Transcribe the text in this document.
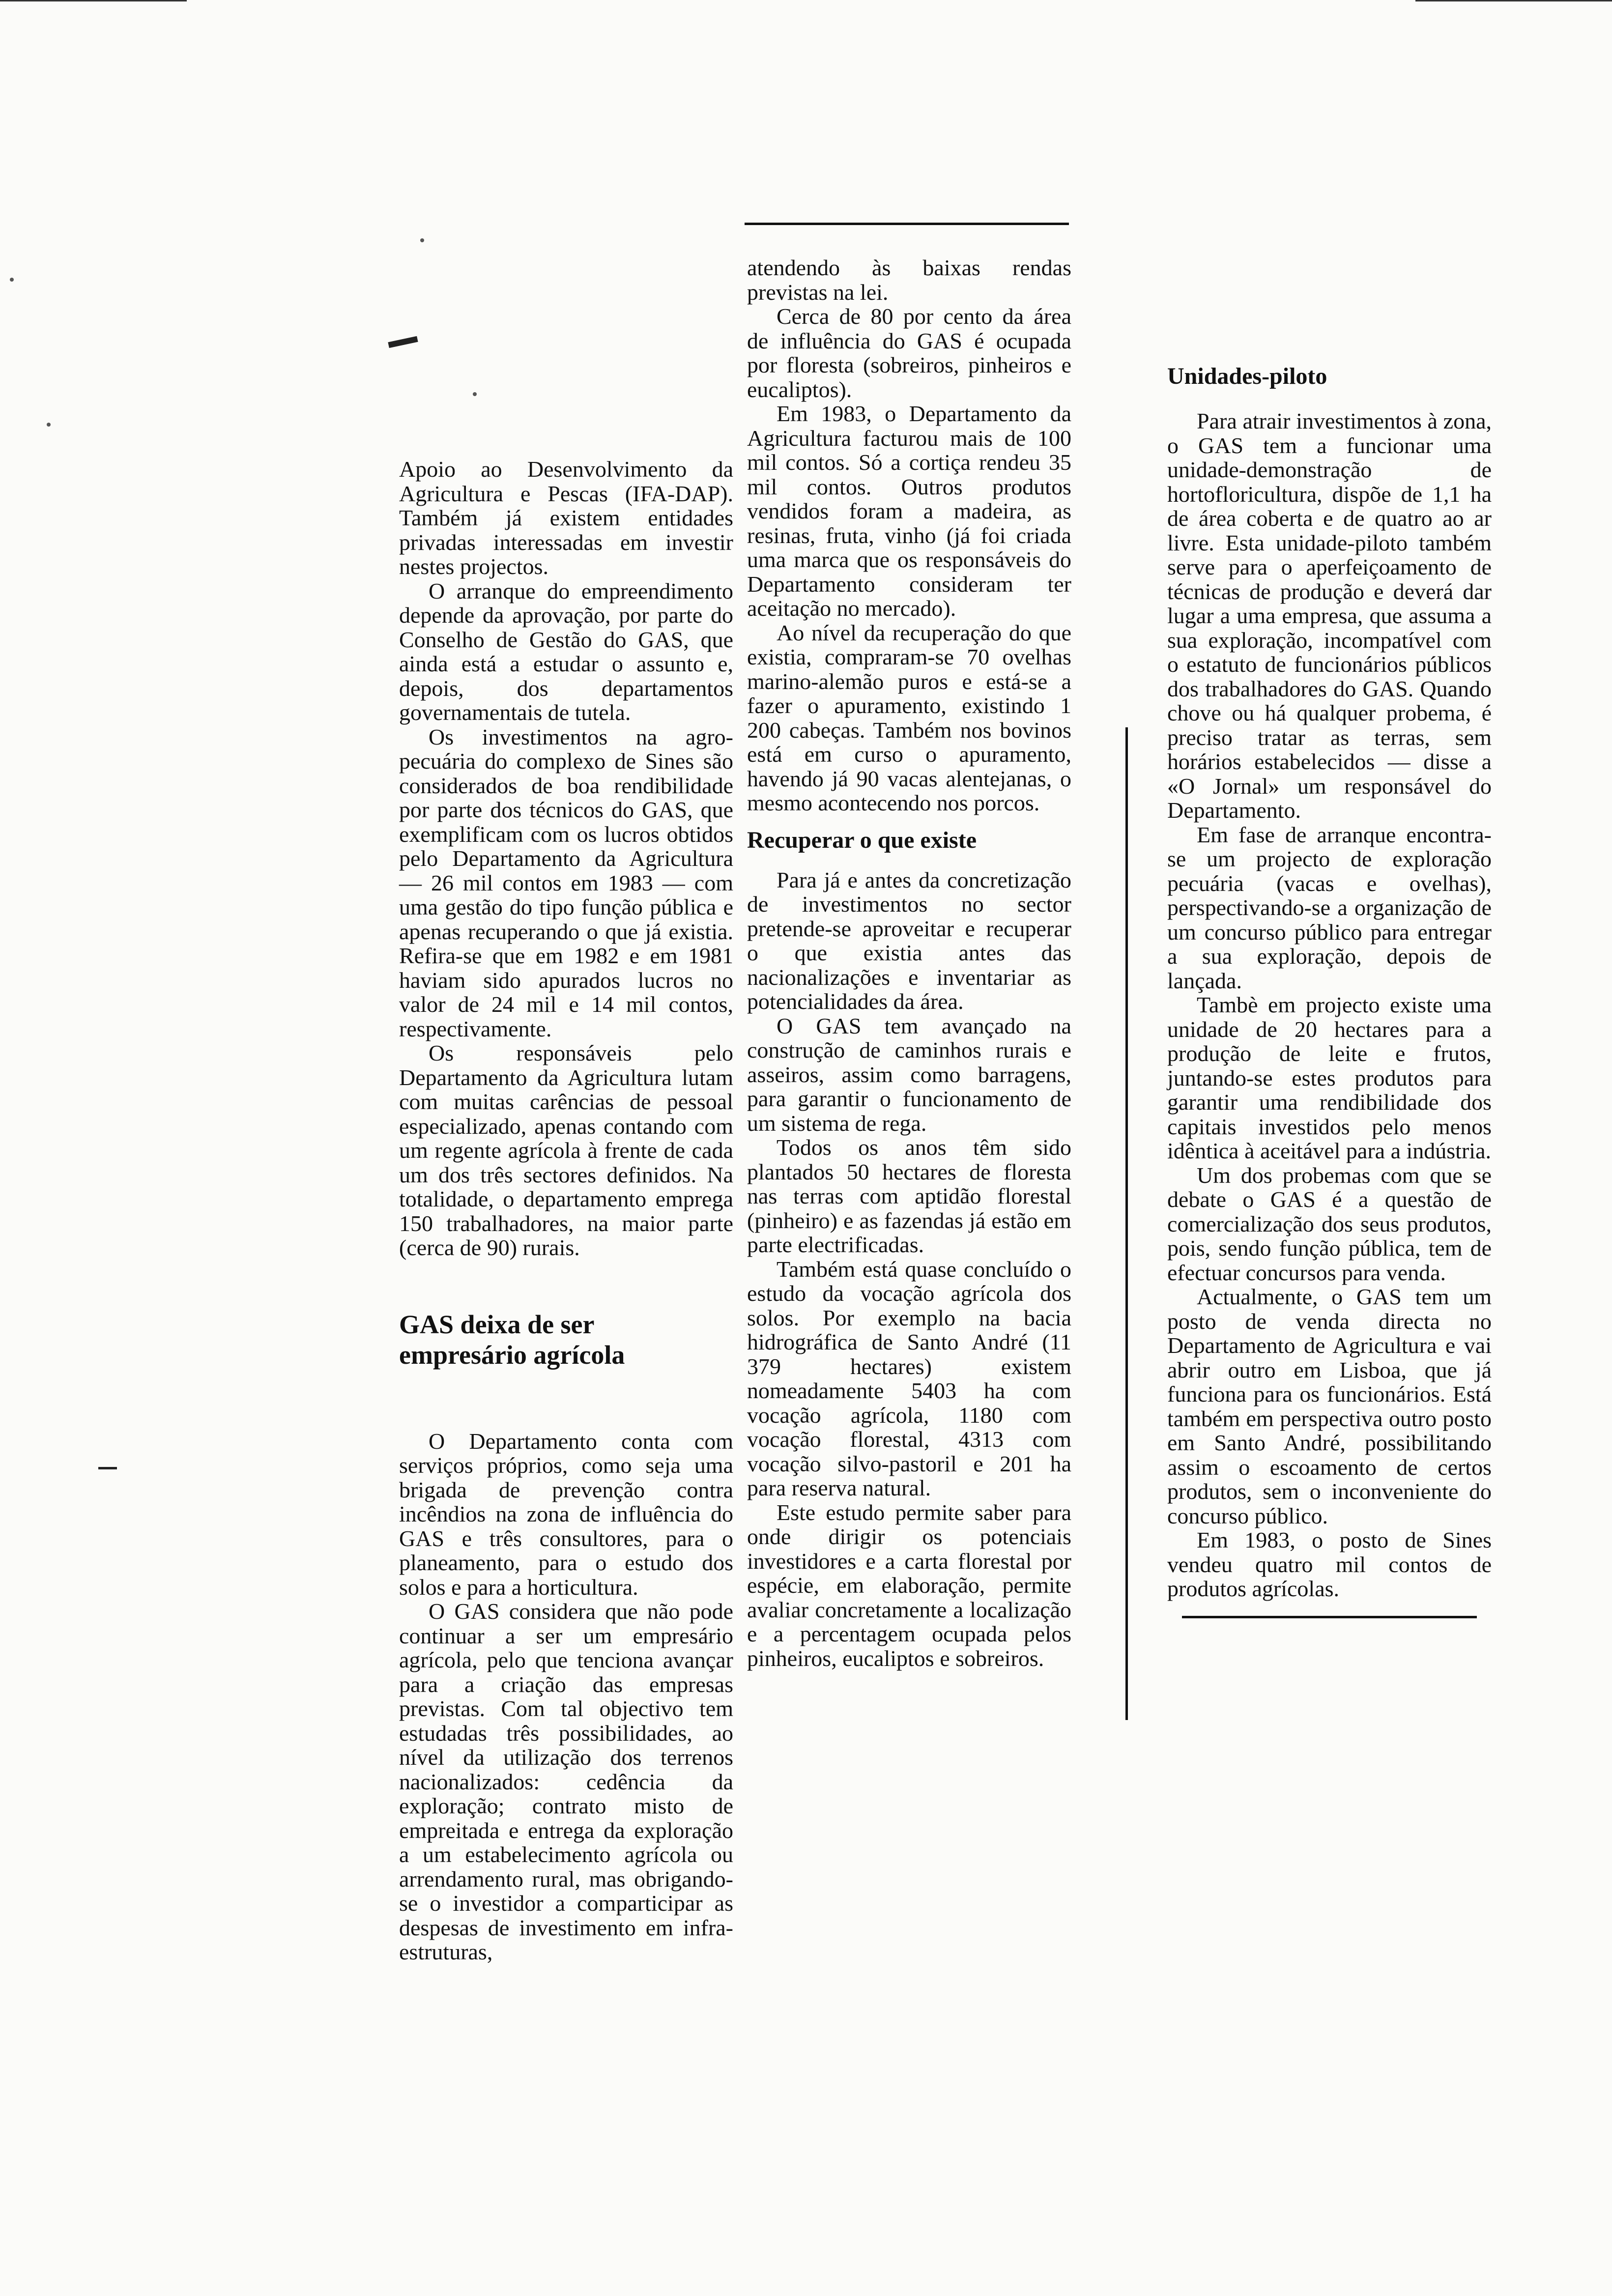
Apoio ao Desenvolvimento da Agricultura e Pescas (IFA-DAP). Também já existem entidades privadas interessadas em investir nestes projectos.

O arranque do empreendimento depende da aprovação, por parte do Conselho de Gestão do GAS, que ainda está a estudar o assunto e, depois, dos departamentos governamentais de tutela.

Os investimentos na agro-pecuária do complexo de Sines são considerados de boa rendibilidade por parte dos técnicos do GAS, que exemplificam com os lucros obtidos pelo Departamento da Agricultura — 26 mil contos em 1983 — com uma gestão do tipo função pública e apenas recuperando o que já existia. Refira-se que em 1982 e em 1981 haviam sido apurados lucros no valor de 24 mil e 14 mil contos, respectivamente.

Os responsáveis pelo Departamento da Agricultura lutam com muitas carências de pessoal especializado, apenas contando com um regente agrícola à frente de cada um dos três sectores definidos. Na totalidade, o departamento emprega 150 trabalhadores, na maior parte (cerca de 90) rurais.

GAS deixa de ser empresário agrícola

O Departamento conta com serviços próprios, como seja uma brigada de prevenção contra incêndios na zona de influência do GAS e três consultores, para o planeamento, para o estudo dos solos e para a horticultura.

O GAS considera que não pode continuar a ser um empresário agrícola, pelo que tenciona avançar para a criação das empresas previstas. Com tal objectivo tem estudadas três possibilidades, ao nível da utilização dos terrenos nacionalizados: cedência da exploração; contrato misto de empreitada e entrega da exploração a um estabelecimento agrícola ou arrendamento rural, mas obrigando-se o investidor a comparticipar as despesas de investimento em infra-estruturas,

atendendo às baixas rendas previstas na lei.

Cerca de 80 por cento da área de influência do GAS é ocupada por floresta (sobreiros, pinheiros e eucaliptos).

Em 1983, o Departamento da Agricultura facturou mais de 100 mil contos. Só a cortiça rendeu 35 mil contos. Outros produtos vendidos foram a madeira, as resinas, fruta, vinho (já foi criada uma marca que os responsáveis do Departamento consideram ter aceitação no mercado).

Ao nível da recuperação do que existia, compraram-se 70 ovelhas marino-alemão puros e está-se a fazer o apuramento, existindo 1 200 cabeças. Também nos bovinos está em curso o apuramento, havendo já 90 vacas alentejanas, o mesmo acontecendo nos porcos.

Recuperar o que existe

Para já e antes da concretização de investimentos no sector pretende-se aproveitar e recuperar o que existia antes das nacionalizações e inventariar as potencialidades da área.

O GAS tem avançado na construção de caminhos rurais e asseiros, assim como barragens, para garantir o funcionamento de um sistema de rega.

Todos os anos têm sido plantados 50 hectares de floresta nas terras com aptidão florestal (pinheiro) e as fazendas já estão em parte electrificadas.

Também está quase concluído o estudo da vocação agrícola dos solos. Por exemplo na bacia hidrográfica de Santo André (11 379 hectares) existem nomeadamente 5403 ha com vocação agrícola, 1180 com vocação florestal, 4313 com vocação silvo-pastoril e 201 ha para reserva natural.

Este estudo permite saber para onde dirigir os potenciais investidores e a carta florestal por espécie, em elaboração, permite avaliar concretamente a localização e a percentagem ocupada pelos pinheiros, eucaliptos e sobreiros.

Unidades-piloto

Para atrair investimentos à zona, o GAS tem a funcionar uma unidade-demonstração de hortofloricultura, dispõe de 1,1 ha de área coberta e de quatro ao ar livre. Esta unidade-piloto também serve para o aperfeiçoamento de técnicas de produção e deverá dar lugar a uma empresa, que assuma a sua exploração, incompatível com o estatuto de funcionários públicos dos trabalhadores do GAS. Quando chove ou há qualquer probema, é preciso tratar as terras, sem horários estabelecidos — disse a «O Jornal» um responsável do Departamento.

Em fase de arranque encontra-se um projecto de exploração pecuária (vacas e ovelhas), perspectivando-se a organização de um concurso público para entregar a sua exploração, depois de lançada.

Tambè em projecto existe uma unidade de 20 hectares para a produção de leite e frutos, juntando-se estes produtos para garantir uma rendibilidade dos capitais investidos pelo menos idêntica à aceitável para a indústria.

Um dos probemas com que se debate o GAS é a questão de comercialização dos seus produtos, pois, sendo função pública, tem de efectuar concursos para venda.

Actualmente, o GAS tem um posto de venda directa no Departamento de Agricultura e vai abrir outro em Lisboa, que já funciona para os funcionários. Está também em perspectiva outro posto em Santo André, possibilitando assim o escoamento de certos produtos, sem o inconveniente do concurso público.

Em 1983, o posto de Sines vendeu quatro mil contos de produtos agrícolas.
